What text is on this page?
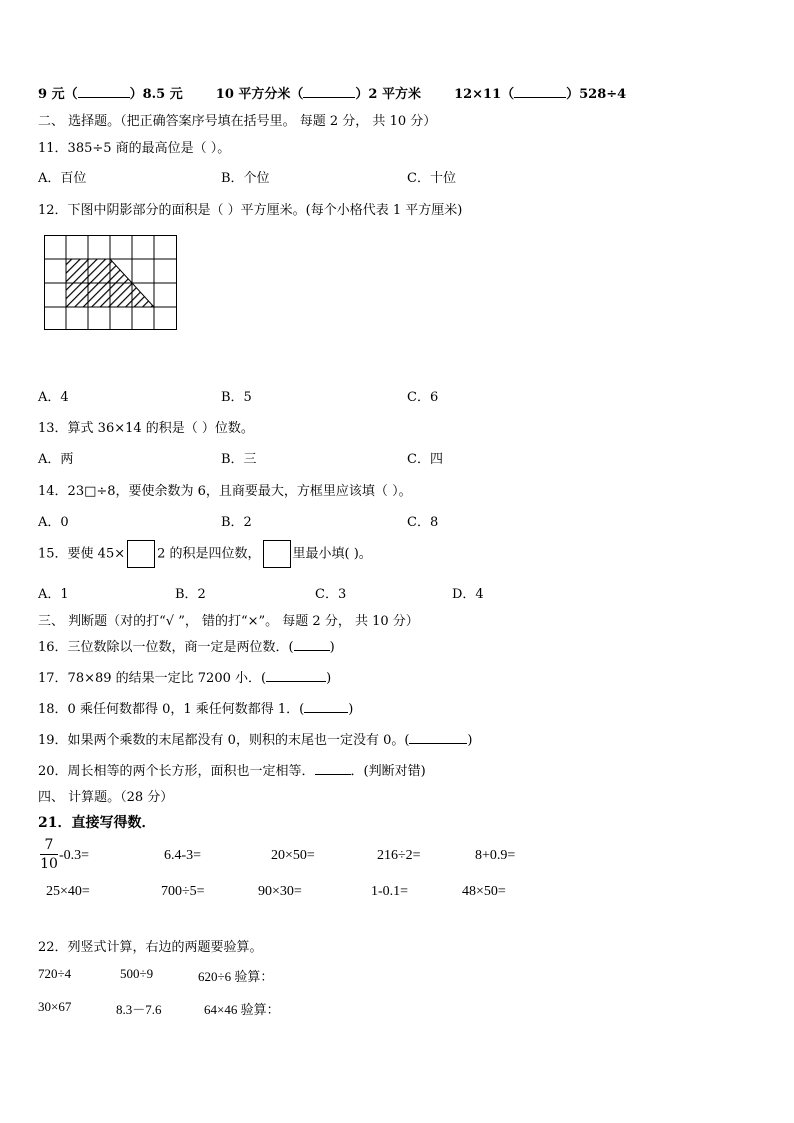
9 元（	）8.5 元	10 平方分米（	）2 平方米	12×11（	）528÷4
二、 选择题。（把正确答案序号填在括号里。 每题 2 分， 共 10 分）
11．385÷5 商的最高位是（ ）。
A．百位	B．个位	C．十位
12．下图中阴影部分的面积是（ ）平方厘米。(每个小格代表 1 平方厘米)
A．4	B．5	C．6
13．算式 36×14 的积是（ ）位数。
A．两	B．三	C．四
14．23□÷8，要使余数为 6，且商要最大，方框里应该填（ ）。
A．0	B．2	C．8
15．要使 45× 2 的积是四位数， 里最小填( )。
A．1	B．2	C．3	D．4
三、 判断题（对的打“√ ”， 错的打“×”。 每题 2 分， 共 10 分）
16．三位数除以一位数，商一定是两位数．(	)
17．78×89 的结果一定比 7200 小．(	)
18．0 乘任何数都得 0，1 乘任何数都得 1．(	)
19．如果两个乘数的末尾都没有 0，则积的末尾也一定没有 0。(	)
20．周长相等的两个长方形，面积也一定相等．	．(判断对错)
四、 计算题。（28 分）
21．直接写得数．
$\frac{7}{10} -0.3=$	6.4-3=	20×50=	216÷2=	8+0.9=
25×40=	700÷5=	90×30=	1-0.1=	48×50=
22．列竖式计算，右边的两题要验算。
720÷4	500÷9	620÷6 验算：
30×67	8.3－7.6	64×46 验算：
